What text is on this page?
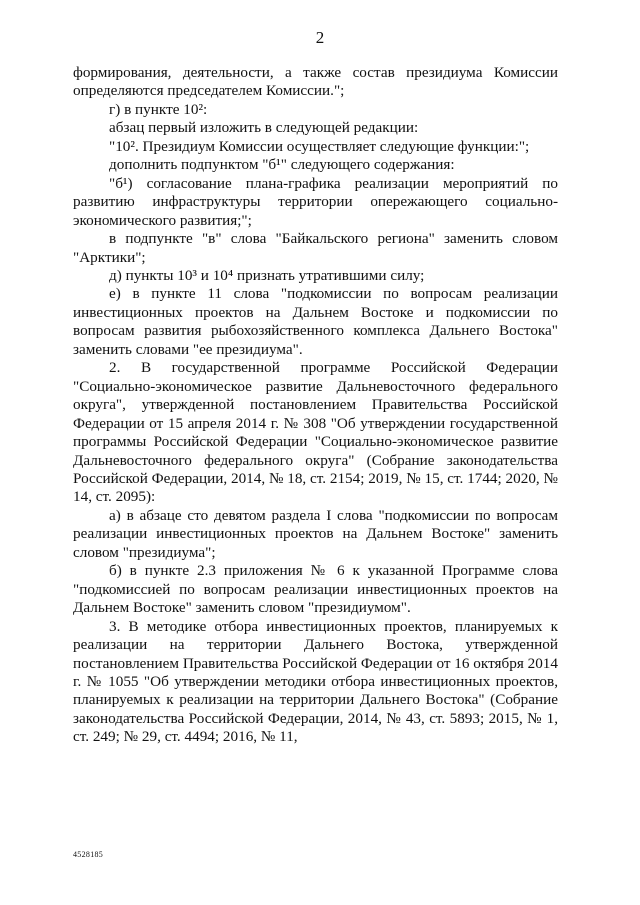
2

формирования, деятельности, а также состав президиума Комиссии определяются председателем Комиссии.";

г) в пункте 10²:

абзац первый изложить в следующей редакции:

"10². Президиум Комиссии осуществляет следующие функции:";

дополнить подпунктом "б¹" следующего содержания:

"б¹) согласование плана-графика реализации мероприятий по развитию инфраструктуры территории опережающего социально-экономического развития;";

в подпункте "в" слова "Байкальского региона" заменить словом "Арктики";

д) пункты 10³ и 10⁴ признать утратившими силу;

е) в пункте 11 слова "подкомиссии по вопросам реализации инвестиционных проектов на Дальнем Востоке и подкомиссии по вопросам развития рыбохозяйственного комплекса Дальнего Востока" заменить словами "ее президиума".

2. В государственной программе Российской Федерации "Социально-экономическое развитие Дальневосточного федерального округа", утвержденной постановлением Правительства Российской Федерации от 15 апреля 2014 г. № 308 "Об утверждении государственной программы Российской Федерации "Социально-экономическое развитие Дальневосточного федерального округа" (Собрание законодательства Российской Федерации, 2014, № 18, ст. 2154; 2019, № 15, ст. 1744; 2020, № 14, ст. 2095):

а) в абзаце сто девятом раздела I слова "подкомиссии по вопросам реализации инвестиционных проектов на Дальнем Востоке" заменить словом "президиума";

б) в пункте 2.3 приложения № 6 к указанной Программе слова "подкомиссией по вопросам реализации инвестиционных проектов на Дальнем Востоке" заменить словом "президиумом".

3. В методике отбора инвестиционных проектов, планируемых к реализации на территории Дальнего Востока, утвержденной постановлением Правительства Российской Федерации от 16 октября 2014 г. № 1055 "Об утверждении методики отбора инвестиционных проектов, планируемых к реализации на территории Дальнего Востока" (Собрание законодательства Российской Федерации, 2014, № 43, ст. 5893; 2015, № 1, ст. 249; № 29, ст. 4494; 2016, № 11,

4528185
